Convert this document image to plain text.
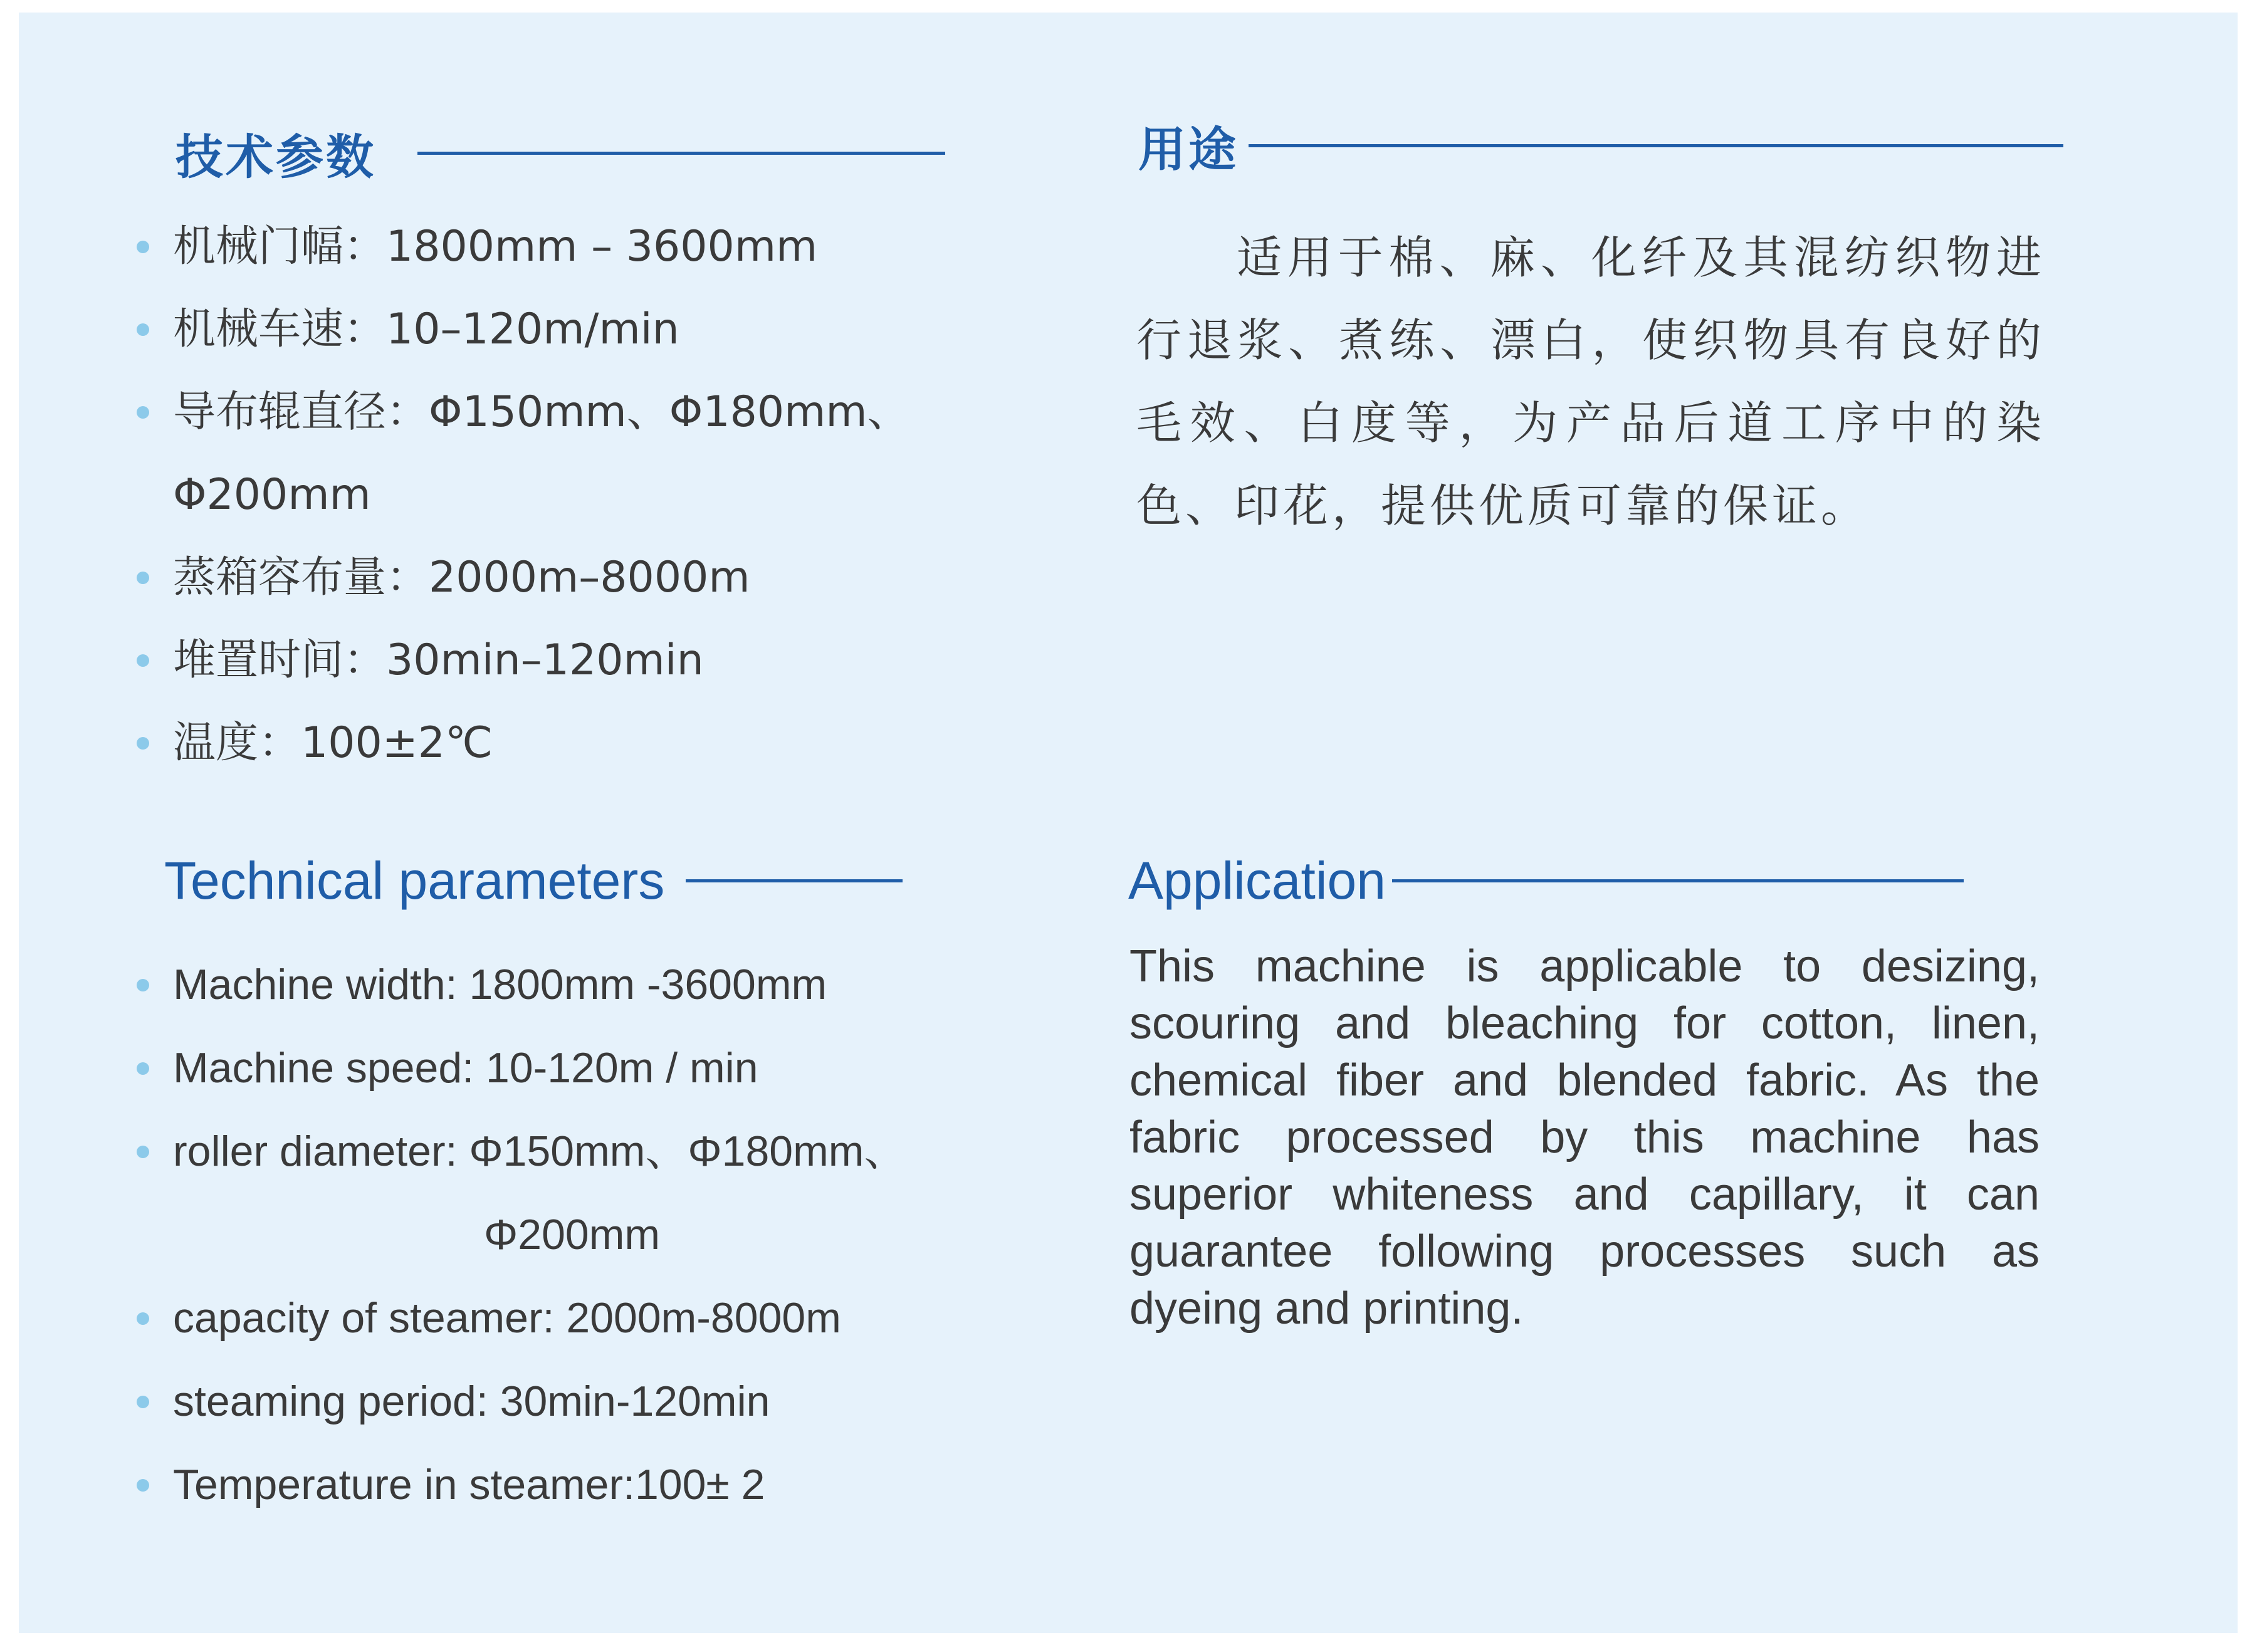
技术参数
机械门幅：1800mm – 3600mm
机械车速：10–120m/min
导布辊直径：Φ150mm、Φ180mm、
Φ200mm
蒸箱容布量：2000m–8000m
堆置时间：30min–120min
温度：100±2℃
用途
适用于棉、麻、化纤及其混纺织物进行退浆、煮练、漂白，使织物具有良好的毛效、白度等，为产品后道工序中的染色、印花，提供优质可靠的保证。
Technical parameters
Machine width: 1800mm -3600mm
Machine speed: 10-120m / min
roller diameter: Φ150mm、Φ180mm、
Φ200mm
capacity of steamer: 2000m-8000m
steaming period: 30min-120min
Temperature in steamer:100± 2
Application
This machine is applicable to desizing, scouring and bleaching for cotton, linen, chemical fiber and blended fabric. As the fabric processed by this machine has superior whiteness and capillary, it can guarantee following processes such as dyeing and printing.
